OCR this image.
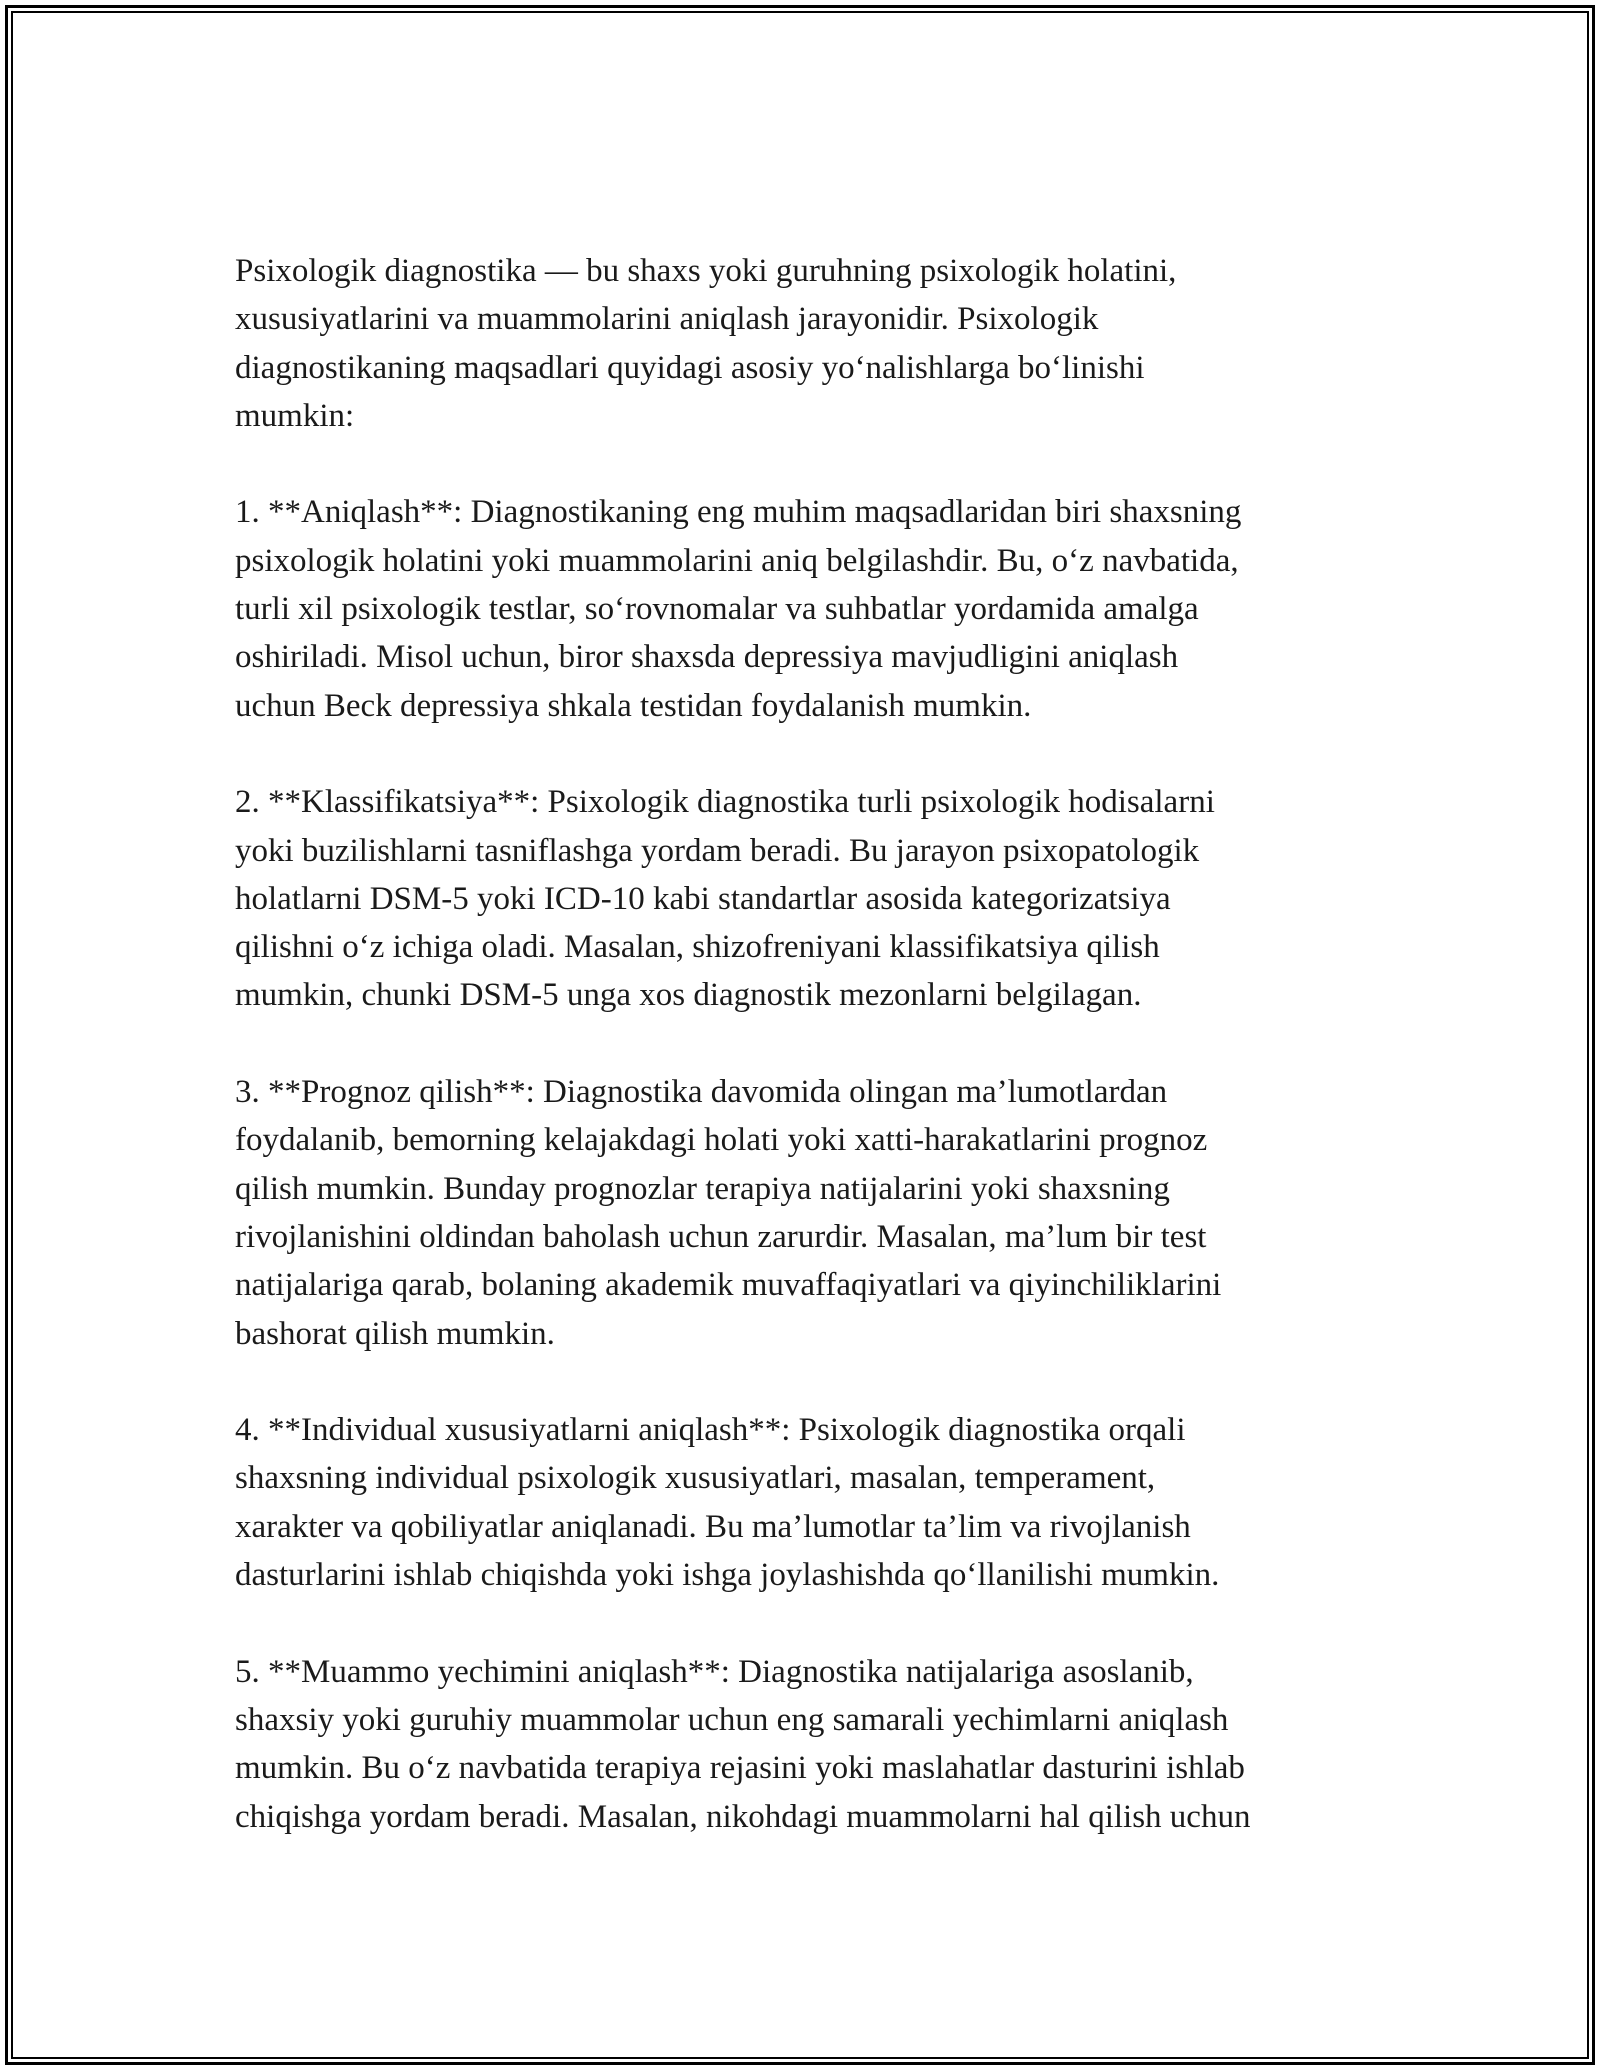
Psixologik diagnostika — bu shaxs yoki guruhning psixologik holatini,
xususiyatlarini va muammolarini aniqlash jarayonidir. Psixologik
diagnostikaning maqsadlari quyidagi asosiy yoʻnalishlarga boʻlinishi
mumkin:

1. **Aniqlash**: Diagnostikaning eng muhim maqsadlaridan biri shaxsning
psixologik holatini yoki muammolarini aniq belgilashdir. Bu, oʻz navbatida,
turli xil psixologik testlar, soʻrovnomalar va suhbatlar yordamida amalga
oshiriladi. Misol uchun, biror shaxsda depressiya mavjudligini aniqlash
uchun Beck depressiya shkala testidan foydalanish mumkin.

2. **Klassifikatsiya**: Psixologik diagnostika turli psixologik hodisalarni
yoki buzilishlarni tasniflashga yordam beradi. Bu jarayon psixopatologik
holatlarni DSM-5 yoki ICD-10 kabi standartlar asosida kategorizatsiya
qilishni oʻz ichiga oladi. Masalan, shizofreniyani klassifikatsiya qilish
mumkin, chunki DSM-5 unga xos diagnostik mezonlarni belgilagan.

3. **Prognoz qilish**: Diagnostika davomida olingan ma’lumotlardan
foydalanib, bemorning kelajakdagi holati yoki xatti-harakatlarini prognoz
qilish mumkin. Bunday prognozlar terapiya natijalarini yoki shaxsning
rivojlanishini oldindan baholash uchun zarurdir. Masalan, ma’lum bir test
natijalariga qarab, bolaning akademik muvaffaqiyatlari va qiyinchiliklarini
bashorat qilish mumkin.

4. **Individual xususiyatlarni aniqlash**: Psixologik diagnostika orqali
shaxsning individual psixologik xususiyatlari, masalan, temperament,
xarakter va qobiliyatlar aniqlanadi. Bu ma’lumotlar ta’lim va rivojlanish
dasturlarini ishlab chiqishda yoki ishga joylashishda qoʻllanilishi mumkin.

5. **Muammo yechimini aniqlash**: Diagnostika natijalariga asoslanib,
shaxsiy yoki guruhiy muammolar uchun eng samarali yechimlarni aniqlash
mumkin. Bu oʻz navbatida terapiya rejasini yoki maslahatlar dasturini ishlab
chiqishga yordam beradi. Masalan, nikohdagi muammolarni hal qilish uchun
